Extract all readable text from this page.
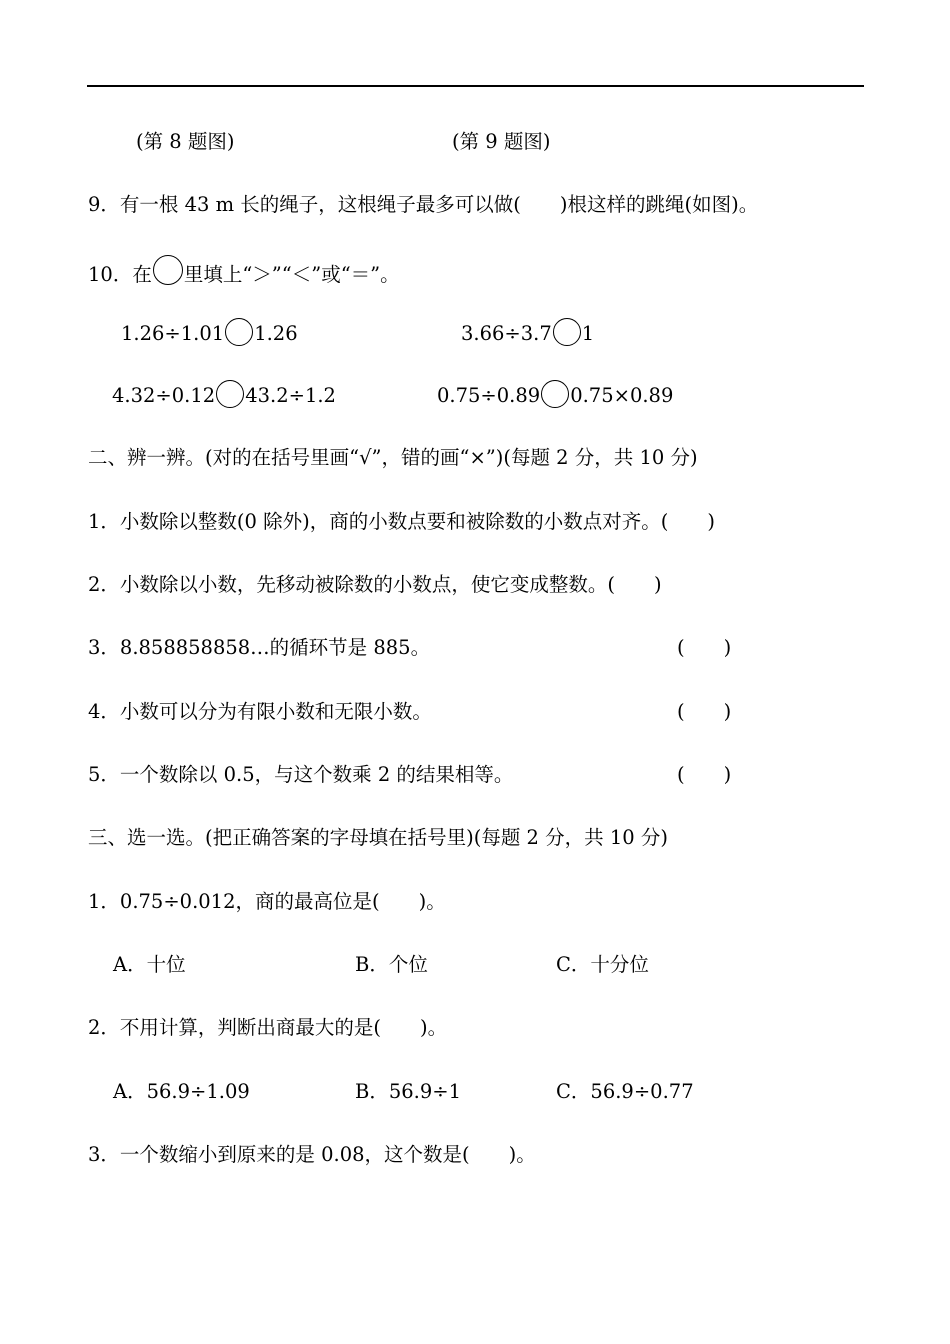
(第 8 题图)	(第 9 题图)
9．有一根 43 m 长的绳子，这根绳子最多可以做(　　)根这样的跳绳(如图)。
10．在 里填上“＞”“＜”或“＝”。
1.26÷1.01 1.26	3.66÷3.7 1
4.32÷0.12 43.2÷1.2	0.75÷0.89 0.75×0.89
二、辨一辨。(对的在括号里画“√”，错的画“×”)(每题 2 分，共 10 分)
1．小数除以整数(0 除外)，商的小数点要和被除数的小数点对齐。(　　)
2．小数除以小数，先移动被除数的小数点，使它变成整数。(　　)
3．8.858858858…的循环节是 885。	(　　)
4．小数可以分为有限小数和无限小数。	(　　)
5．一个数除以 0.5，与这个数乘 2 的结果相等。	(　　)
三、选一选。(把正确答案的字母填在括号里)(每题 2 分，共 10 分)
1．0.75÷0.012，商的最高位是(　　)。
A．十位	B．个位	C．十分位
2．不用计算，判断出商最大的是(　　)。
A．56.9÷1.09	B．56.9÷1	C．56.9÷0.77
3．一个数缩小到原来的是 0.08，这个数是(　　)。
